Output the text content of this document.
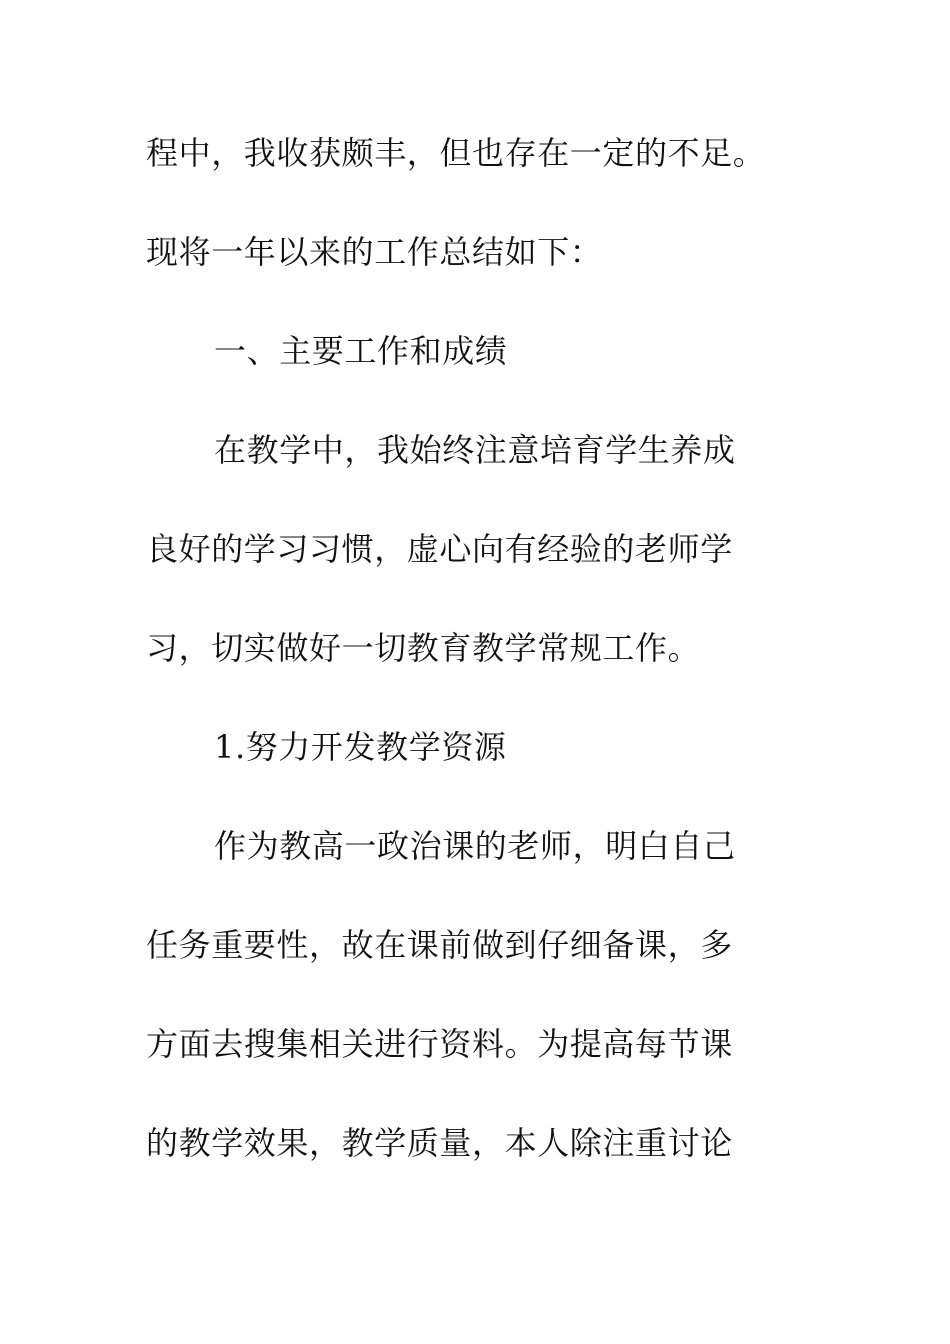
程中，我收获颇丰，但也存在一定的不足。
现将一年以来的工作总结如下：
一、主要工作和成绩
在教学中，我始终注意培育学生养成
良好的学习习惯，虚心向有经验的老师学
习，切实做好一切教育教学常规工作。
1.努力开发教学资源
作为教高一政治课的老师，明白自己
任务重要性，故在课前做到仔细备课，多
方面去搜集相关进行资料。为提高每节课
的教学效果，教学质量，本人除注重讨论
